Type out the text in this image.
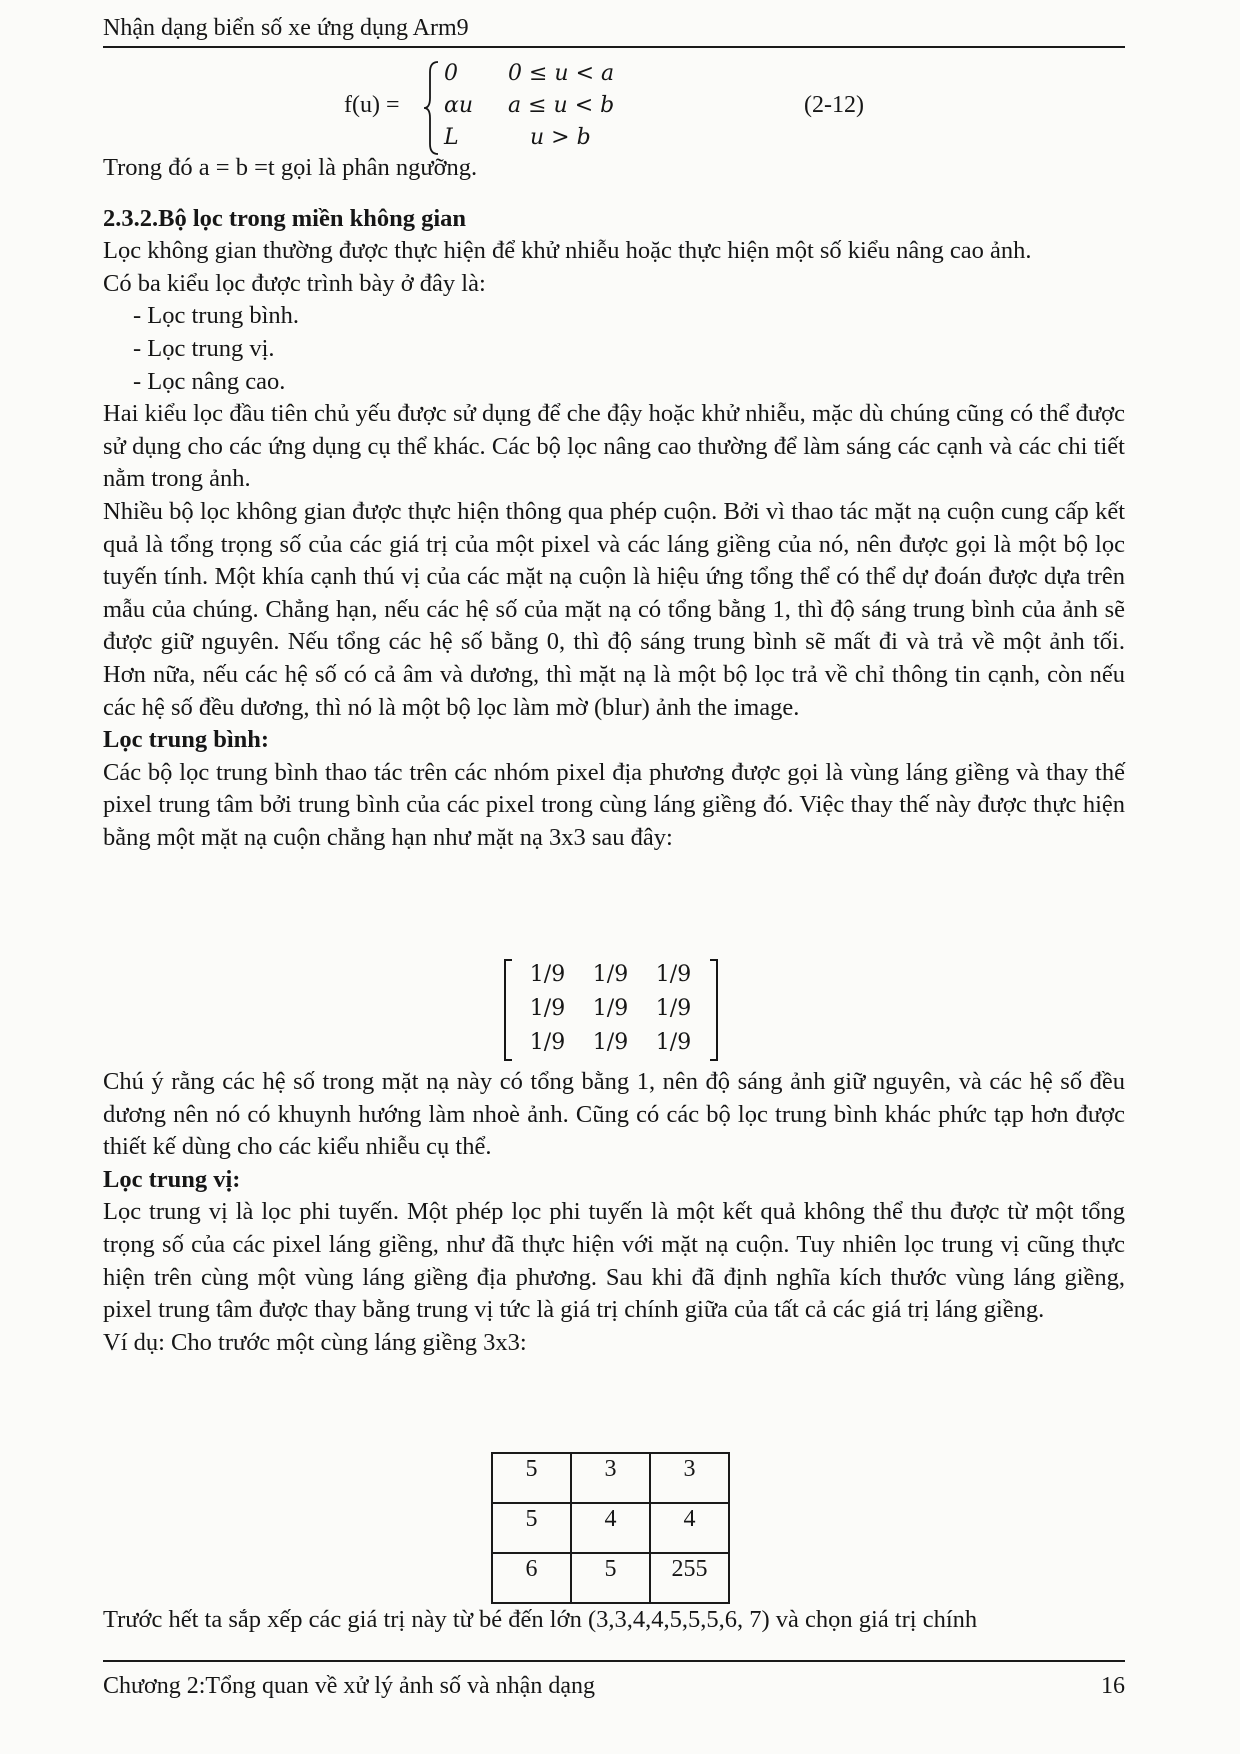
Nhận dạng biển số xe ứng dụng Arm9
f(u) =
0 0 ≤ u < a
αu a ≤ u < b
L	u > b
(2-12)

Trong đó a = b =t gọi là phân ngưỡng.

2.3.2.Bộ lọc trong miền không gian

Lọc không gian thường được thực hiện để khử nhiễu hoặc thực hiện một số kiểu nâng cao ảnh.

Có ba kiểu lọc được trình bày ở đây là:

- Lọc trung bình.

- Lọc trung vị.

- Lọc nâng cao.

Hai kiểu lọc đầu tiên chủ yếu được sử dụng để che đậy hoặc khử nhiễu, mặc dù chúng cũng có thể được sử dụng cho các ứng dụng cụ thể khác. Các bộ lọc nâng cao thường để làm sáng các cạnh và các chi tiết nằm trong ảnh.

Nhiều bộ lọc không gian được thực hiện thông qua phép cuộn. Bởi vì thao tác mặt nạ cuộn cung cấp kết quả là tổng trọng số của các giá trị của một pixel và các láng giềng của nó, nên được gọi là một bộ lọc tuyến tính. Một khía cạnh thú vị của các mặt nạ cuộn là hiệu ứng tổng thể có thể dự đoán được dựa trên mẫu của chúng. Chẳng hạn, nếu các hệ số của mặt nạ có tổng bằng 1, thì độ sáng trung bình của ảnh sẽ được giữ nguyên. Nếu tổng các hệ số bằng 0, thì độ sáng trung bình sẽ mất đi và trả về một ảnh tối. Hơn nữa, nếu các hệ số có cả âm và dương, thì mặt nạ là một bộ lọc trả về chỉ thông tin cạnh, còn nếu các hệ số đều dương, thì nó là một bộ lọc làm mờ (blur) ảnh the image.

Lọc trung bình:

Các bộ lọc trung bình thao tác trên các nhóm pixel địa phương được gọi là vùng láng giềng và thay thế pixel trung tâm bởi trung bình của các pixel trong cùng láng giềng đó. Việc thay thế này được thực hiện bằng một mặt nạ cuộn chẳng hạn như mặt nạ 3x3 sau đây:

1/9	1/9	1/9
1/9	1/9	1/9
1/9	1/9	1/9

Chú ý rằng các hệ số trong mặt nạ này có tổng bằng 1, nên độ sáng ảnh giữ nguyên, và các hệ số đều dương nên nó có khuynh hướng làm nhoè ảnh. Cũng có các bộ lọc trung bình khác phức tạp hơn được thiết kế dùng cho các kiểu nhiễu cụ thể.

Lọc trung vị:

Lọc trung vị là lọc phi tuyến. Một phép lọc phi tuyến là một kết quả không thể thu được từ một tổng trọng số của các pixel láng giềng, như đã thực hiện với mặt nạ cuộn. Tuy nhiên lọc trung vị cũng thực hiện trên cùng một vùng láng giềng địa phương. Sau khi đã định nghĩa kích thước vùng láng giềng, pixel trung tâm được thay bằng trung vị tức là giá trị chính giữa của tất cả các giá trị láng giềng.

Ví dụ: Cho trước một cùng láng giềng 3x3:

5	3	3
5	4	4
6	5	255

Trước hết ta sắp xếp các giá trị này từ bé đến lớn (3,3,4,4,5,5,5,6, 7) và chọn giá trị chính

Chương 2:Tổng quan về xử lý ảnh số và nhận dạng	16
